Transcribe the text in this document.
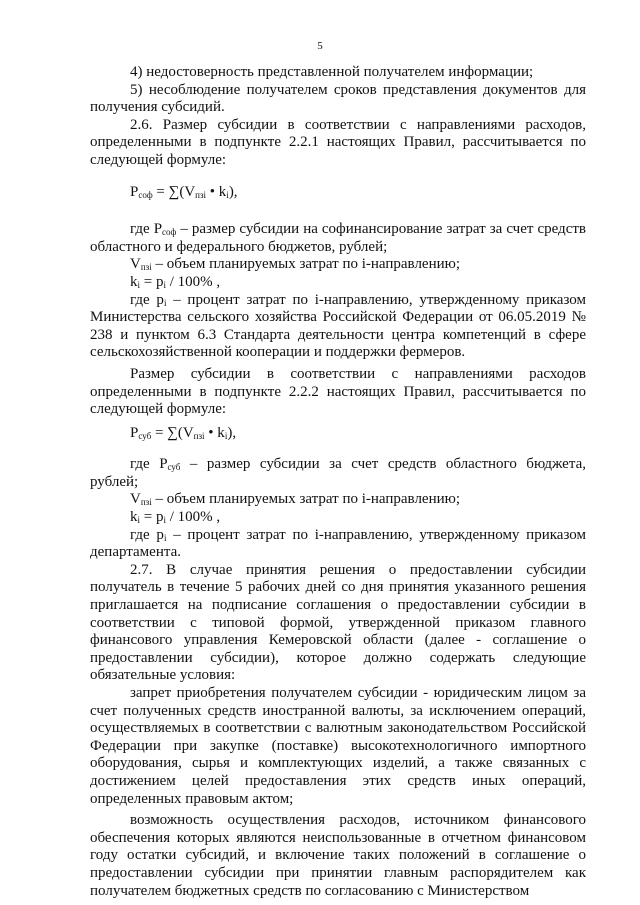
5

4) недостоверность представленной получателем информации;

5) несоблюдение получателем сроков представления документов для получения субсидий.

2.6. Размер субсидии в соответствии с направлениями расходов, определенными в подпункте 2.2.1 настоящих Правил, рассчитывается по следующей формуле:

$P_{соф} = \sum(V_{пзі}$ • $k_i$),

где $P_{соф}$ – размер субсидии на софинансирование затрат за счет средств областного и федерального бюджетов, рублей;

$V_{пзі}$ – объем планируемых затрат по і-направлению;

$k_i = p_i / 100\%$ ,

где $p_i$ – процент затрат по і-направлению, утвержденному приказом Министерства сельского хозяйства Российской Федерации от 06.05.2019 № 238 и пунктом 6.3 Стандарта деятельности центра компетенций в сфере сельскохозяйственной кооперации и поддержки фермеров.

Размер субсидии в соответствии с направлениями расходов определенными в подпункте 2.2.2 настоящих Правил, рассчитывается по следующей формуле:

$P_{суб} = \sum(V_{пзі}$ • $k_i$),

где $P_{суб}$ – размер субсидии за счет средств областного бюджета, рублей;

$V_{пзі}$ – объем планируемых затрат по і-направлению;

$k_i = p_i / 100\%$ ,

где $p_i$ – процент затрат по і-направлению, утвержденному приказом департамента.

2.7. В случае принятия решения о предоставлении субсидии получатель в течение 5 рабочих дней со дня принятия указанного решения приглашается на подписание соглашения о предоставлении субсидии в соответствии с типовой формой, утвержденной приказом главного финансового управления Кемеровской области (далее - соглашение о предоставлении субсидии), которое должно содержать следующие обязательные условия:

запрет приобретения получателем субсидии - юридическим лицом за счет полученных средств иностранной валюты, за исключением операций, осуществляемых в соответствии с валютным законодательством Российской Федерации при закупке (поставке) высокотехнологичного импортного оборудования, сырья и комплектующих изделий, а также связанных с достижением целей предоставления этих средств иных операций, определенных правовым актом;

возможность осуществления расходов, источником финансового обеспечения которых являются неиспользованные в отчетном финансовом году остатки субсидий, и включение таких положений в соглашение о предоставлении субсидии при принятии главным распорядителем как получателем бюджетных средств по согласованию с Министерством
